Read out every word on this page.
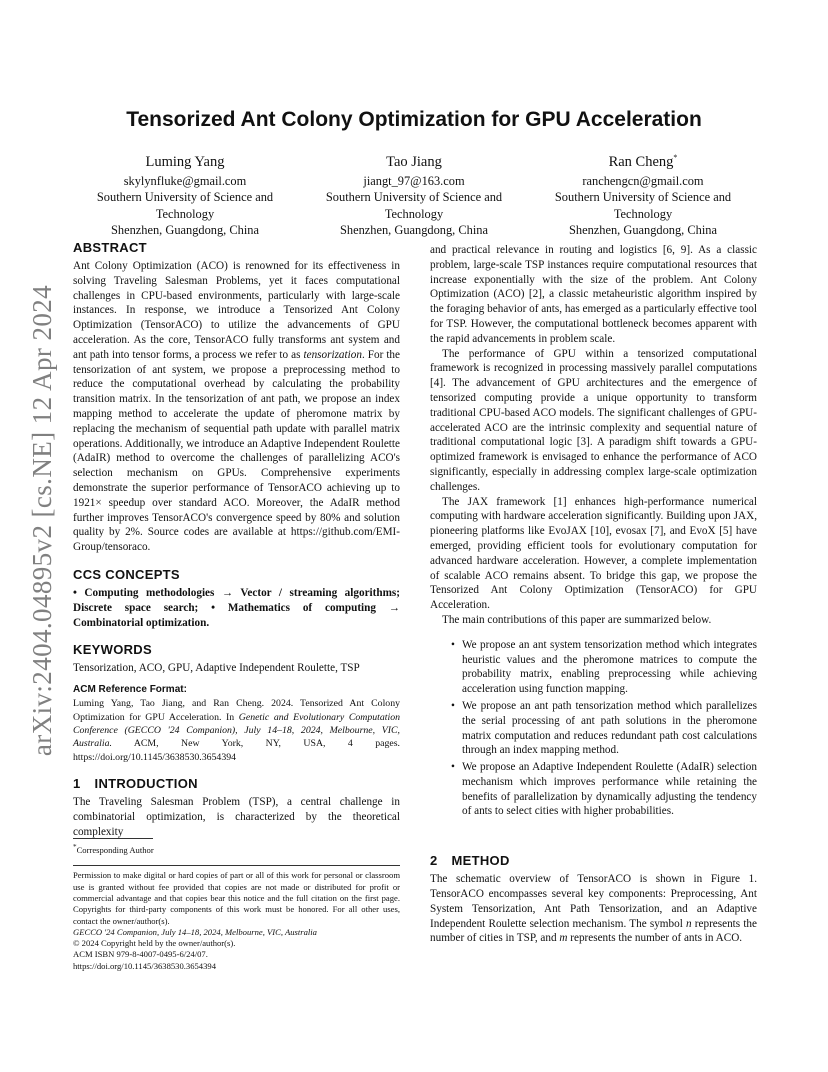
arXiv:2404.04895v2 [cs.NE] 12 Apr 2024
Tensorized Ant Colony Optimization for GPU Acceleration
Luming Yang
skylynfluke@gmail.com
Southern University of Science and
Technology
Shenzhen, Guangdong, China
Tao Jiang
jiangt_97@163.com
Southern University of Science and
Technology
Shenzhen, Guangdong, China
Ran Cheng*
ranchengcn@gmail.com
Southern University of Science and
Technology
Shenzhen, Guangdong, China
ABSTRACT

Ant Colony Optimization (ACO) is renowned for its effectiveness in solving Traveling Salesman Problems, yet it faces computational challenges in CPU-based environments, particularly with large-scale instances. In response, we introduce a Tensorized Ant Colony Optimization (TensorACO) to utilize the advancements of GPU acceleration. As the core, TensorACO fully transforms ant system and ant path into tensor forms, a process we refer to as tensorization. For the tensorization of ant system, we propose a preprocessing method to reduce the computational overhead by calculating the probability transition matrix. In the tensorization of ant path, we propose an index mapping method to accelerate the update of pheromone matrix by replacing the mechanism of sequential path update with parallel matrix operations. Additionally, we introduce an Adaptive Independent Roulette (AdaIR) method to overcome the challenges of parallelizing ACO's selection mechanism on GPUs. Comprehensive experiments demonstrate the superior performance of TensorACO achieving up to 1921× speedup over standard ACO. Moreover, the AdaIR method further improves TensorACO's convergence speed by 80% and solution quality by 2%. Source codes are available at https://github.com/EMI-Group/tensoraco.

CCS CONCEPTS

• Computing methodologies → Vector / streaming algorithms; Discrete space search; • Mathematics of computing → Combinatorial optimization.

KEYWORDS

Tensorization, ACO, GPU, Adaptive Independent Roulette, TSP

ACM Reference Format:

Luming Yang, Tao Jiang, and Ran Cheng. 2024. Tensorized Ant Colony Optimization for GPU Acceleration. In Genetic and Evolutionary Computation Conference (GECCO '24 Companion), July 14–18, 2024, Melbourne, VIC, Australia. ACM, New York, NY, USA, 4 pages. https://doi.org/10.1145/3638530.3654394

1 INTRODUCTION

The Traveling Salesman Problem (TSP), a central challenge in combinatorial optimization, is characterized by the theoretical complexity

*Corresponding Author

Permission to make digital or hard copies of part or all of this work for personal or classroom use is granted without fee provided that copies are not made or distributed for profit or commercial advantage and that copies bear this notice and the full citation on the first page. Copyrights for third-party components of this work must be honored. For all other uses, contact the owner/author(s).

GECCO '24 Companion, July 14–18, 2024, Melbourne, VIC, Australia

© 2024 Copyright held by the owner/author(s).

ACM ISBN 979-8-4007-0495-6/24/07.

https://doi.org/10.1145/3638530.3654394

and practical relevance in routing and logistics [6, 9]. As a classic problem, large-scale TSP instances require computational resources that increase exponentially with the size of the problem. Ant Colony Optimization (ACO) [2], a classic metaheuristic algorithm inspired by the foraging behavior of ants, has emerged as a particularly effective tool for TSP. However, the computational bottleneck becomes apparent with the rapid advancements in problem scale.

The performance of GPU within a tensorized computational framework is recognized in processing massively parallel computations [4]. The advancement of GPU architectures and the emergence of tensorized computing provide a unique opportunity to transform traditional CPU-based ACO models. The significant challenges of GPU-accelerated ACO are the intrinsic complexity and sequential nature of traditional computational logic [3]. A paradigm shift towards a GPU-optimized framework is envisaged to enhance the performance of ACO significantly, especially in addressing complex large-scale optimization challenges.

The JAX framework [1] enhances high-performance numerical computing with hardware acceleration significantly. Building upon JAX, pioneering platforms like EvoJAX [10], evosax [7], and EvoX [5] have emerged, providing efficient tools for evolutionary computation for advanced hardware acceleration. However, a complete implementation of scalable ACO remains absent. To bridge this gap, we propose the Tensorized Ant Colony Optimization (TensorACO) for GPU Acceleration.

The main contributions of this paper are summarized below.

• We propose an ant system tensorization method which integrates heuristic values and the pheromone matrices to compute the probability matrix, enabling preprocessing while achieving acceleration using function mapping.
• We propose an ant path tensorization method which parallelizes the serial processing of ant path solutions in the pheromone matrix computation and reduces redundant path cost calculations through an index mapping method.
• We propose an Adaptive Independent Roulette (AdaIR) selection mechanism which improves performance while retaining the benefits of parallelization by dynamically adjusting the tendency of ants to select cities with higher probabilities.
2 METHOD

The schematic overview of TensorACO is shown in Figure 1. TensorACO encompasses several key components: Preprocessing, Ant System Tensorization, Ant Path Tensorization, and an Adaptive Independent Roulette selection mechanism. The symbol n represents the number of cities in TSP, and m represents the number of ants in ACO.
